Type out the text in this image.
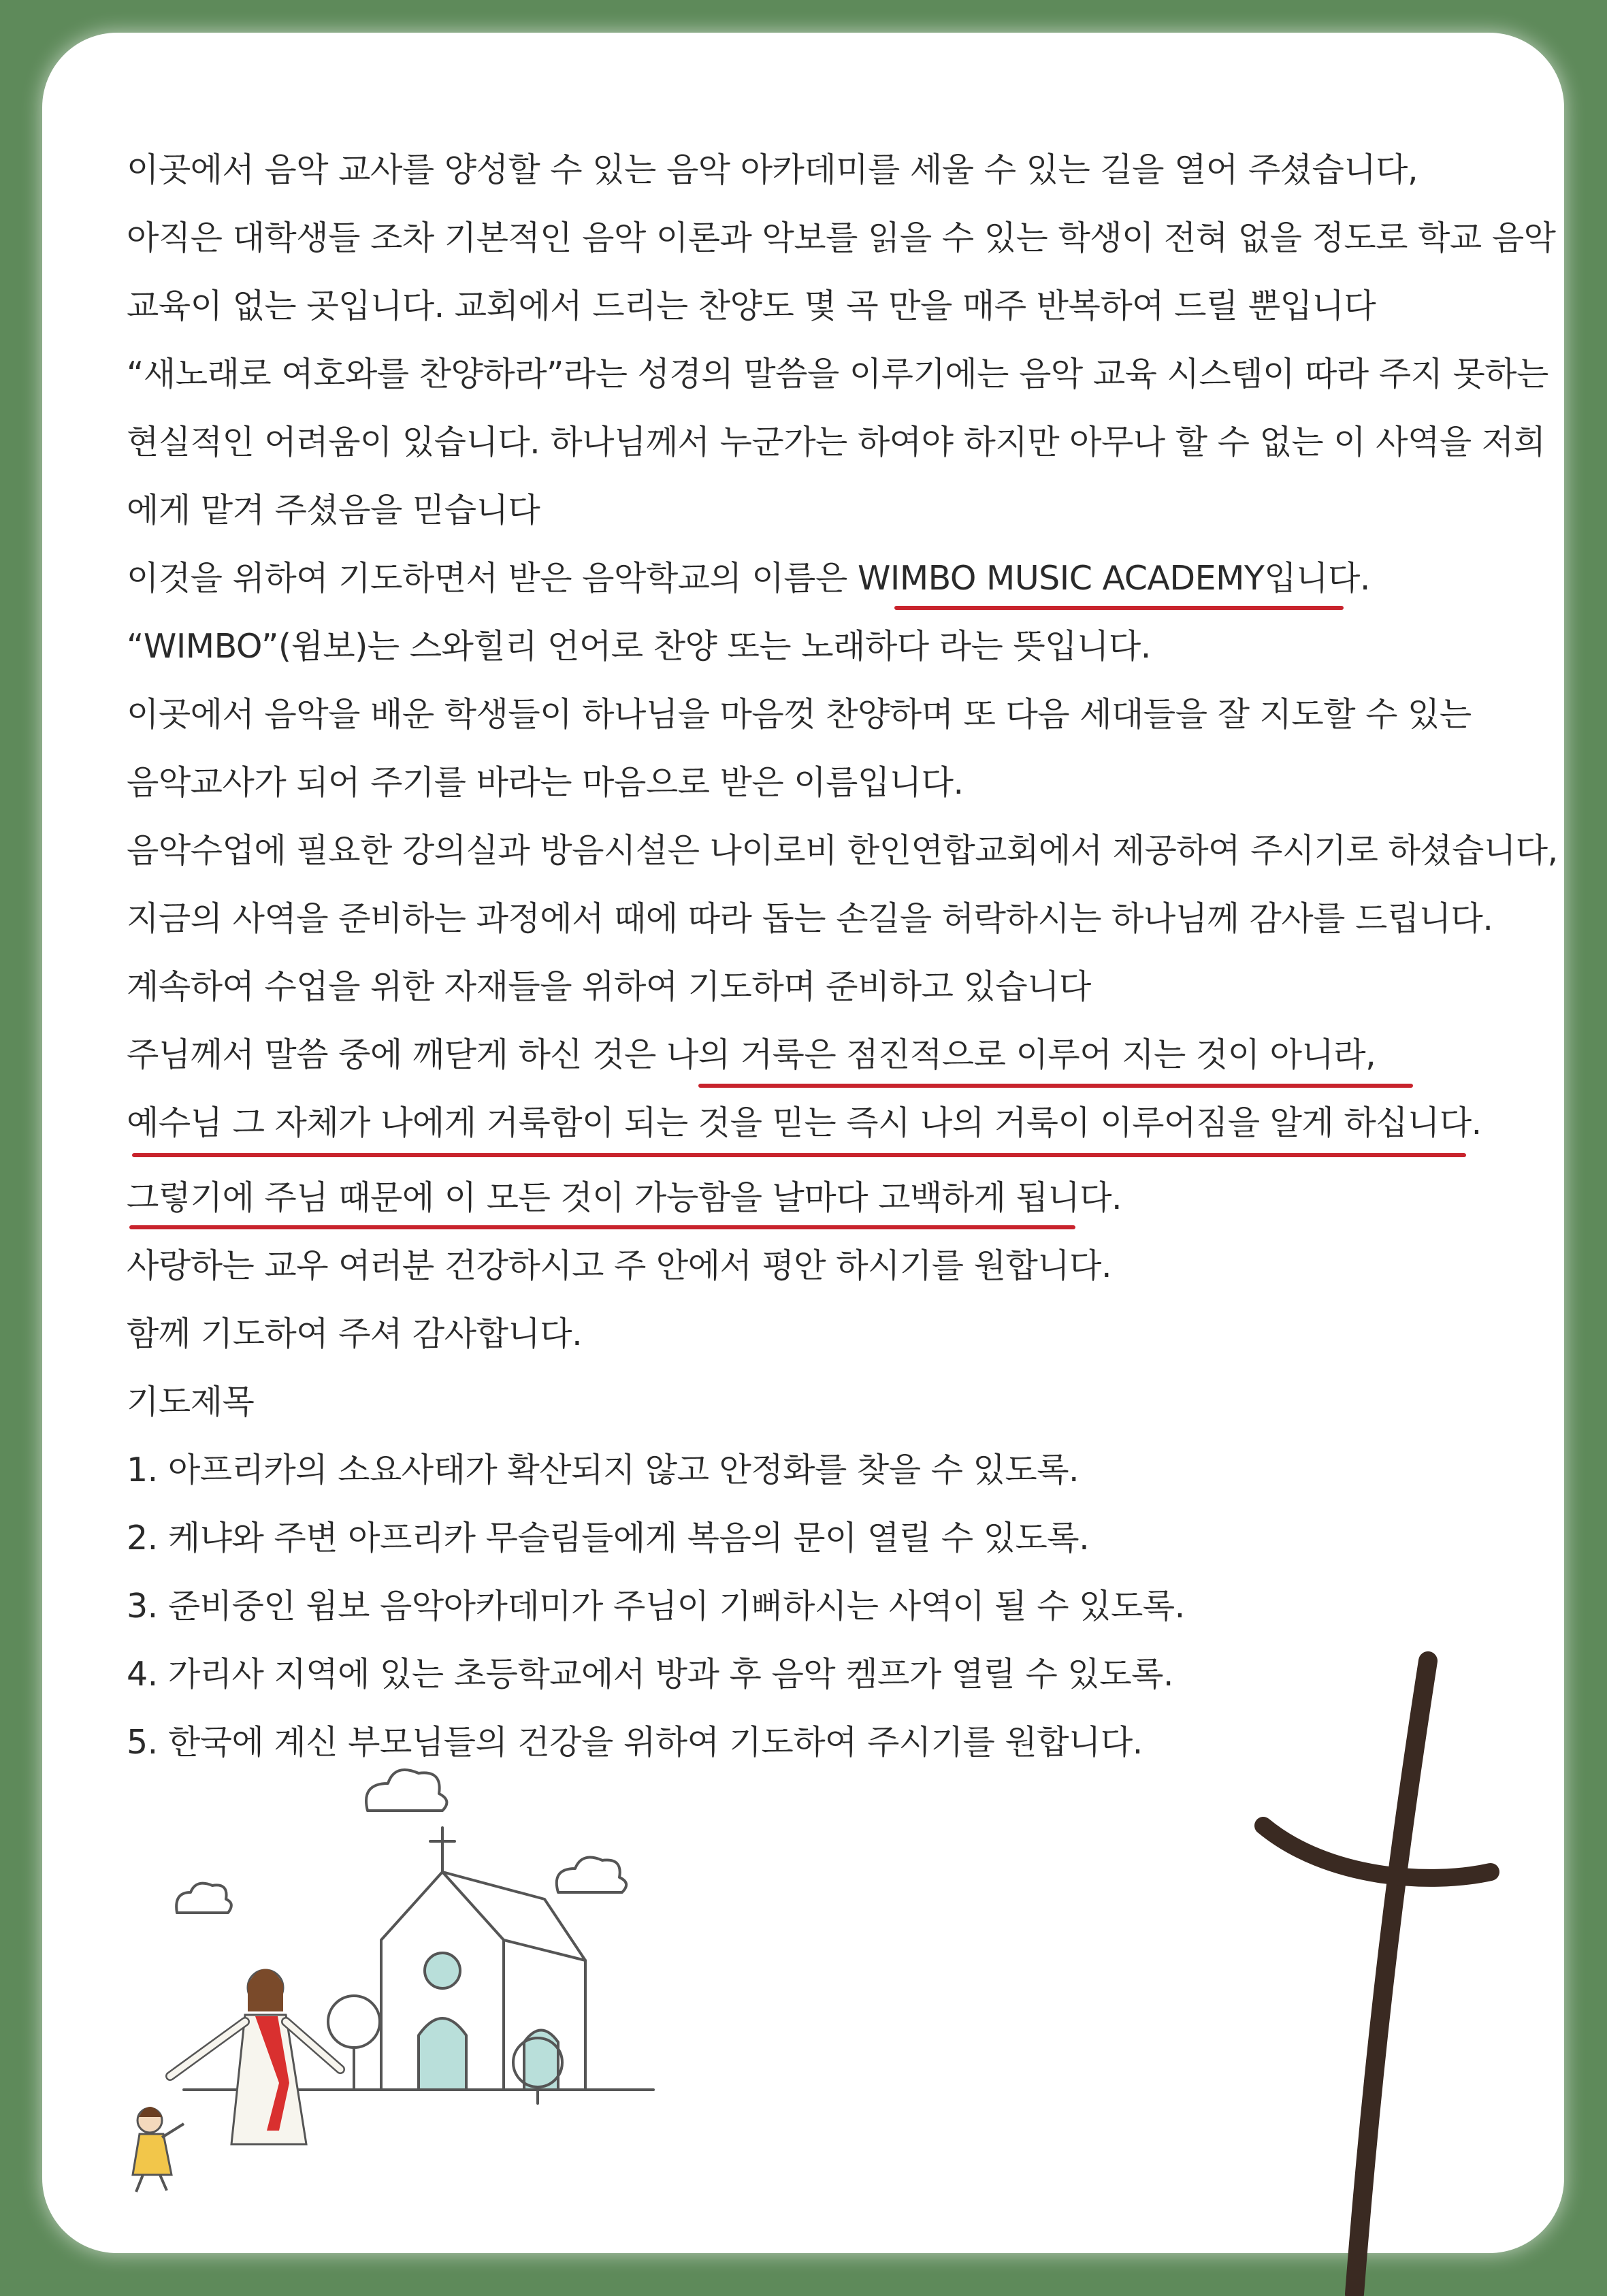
이곳에서 음악 교사를 양성할 수 있는 음악 아카데미를 세울 수 있는 길을 열어 주셨습니다,
아직은 대학생들 조차 기본적인 음악 이론과 악보를 읽을 수 있는 학생이 전혀 없을 정도로 학교 음악
교육이 없는 곳입니다. 교회에서 드리는 찬양도 몇 곡 만을 매주 반복하여 드릴 뿐입니다
“새노래로 여호와를 찬양하라”라는 성경의 말씀을 이루기에는 음악 교육 시스템이 따라 주지 못하는
현실적인 어려움이 있습니다. 하나님께서 누군가는 하여야 하지만 아무나 할 수 없는 이 사역을 저희
에게 맡겨 주셨음을 믿습니다
이것을 위하여 기도하면서 받은 음악학교의 이름은 WIMBO MUSIC ACADEMY입니다.
“WIMBO”(윔보)는 스와힐리 언어로 찬양 또는 노래하다 라는 뜻입니다.
이곳에서 음악을 배운 학생들이 하나님을 마음껏 찬양하며 또 다음 세대들을 잘 지도할 수 있는
음악교사가 되어 주기를 바라는 마음으로 받은 이름입니다.
음악수업에 필요한 강의실과 방음시설은 나이로비 한인연합교회에서 제공하여 주시기로 하셨습니다,
지금의 사역을 준비하는 과정에서 때에 따라 돕는 손길을 허락하시는 하나님께 감사를 드립니다.
계속하여 수업을 위한 자재들을 위하여 기도하며 준비하고 있습니다
주님께서 말씀 중에 깨닫게 하신 것은 나의 거룩은 점진적으로 이루어 지는 것이 아니라,
예수님 그 자체가 나에게 거룩함이 되는 것을 믿는 즉시 나의 거룩이 이루어짐을 알게 하십니다.
그렇기에 주님 때문에 이 모든 것이 가능함을 날마다 고백하게 됩니다.
사랑하는 교우 여러분 건강하시고 주 안에서 평안 하시기를 원합니다.
함께 기도하여 주셔 감사합니다.
기도제목
1. 아프리카의 소요사태가 확산되지 않고 안정화를 찾을 수 있도록.
2. 케냐와 주변 아프리카 무슬림들에게 복음의 문이 열릴 수 있도록.
3. 준비중인 윔보 음악아카데미가 주님이 기뻐하시는 사역이 될 수 있도록.
4. 가리사 지역에 있는 초등학교에서 방과 후 음악 켐프가 열릴 수 있도록.
5. 한국에 계신 부모님들의 건강을 위하여 기도하여 주시기를 원합니다.
